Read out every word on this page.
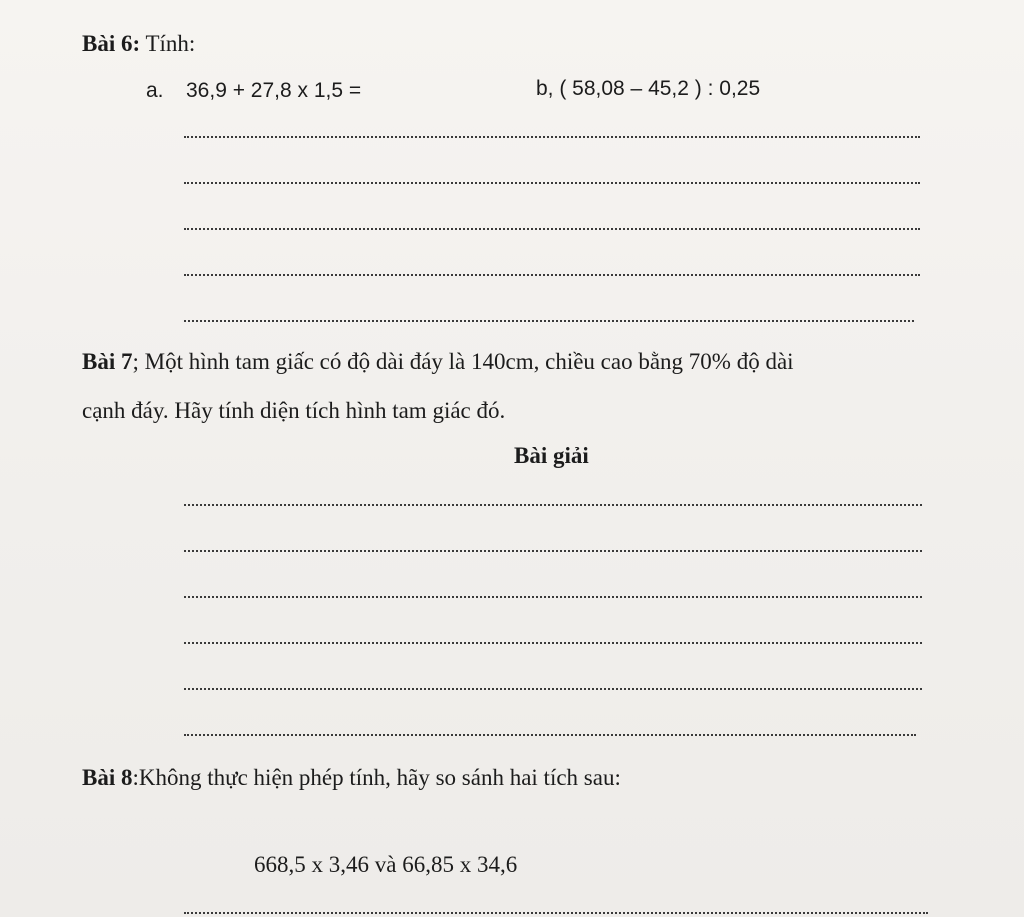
Bài 6: Tính:
a. 36,9 + 27,8 x 1,5 =	b, ( 58,08 – 45,2 ) : 0,25
Bài 7; Một hình tam giấc có độ dài đáy là 140cm, chiều cao bằng 70% độ dài
cạnh đáy. Hãy tính diện tích hình tam giác đó.
Bài giải
Bài 8:Không thực hiện phép tính, hãy so sánh hai tích sau:
668,5 x 3,46 và 66,85 x 34,6
